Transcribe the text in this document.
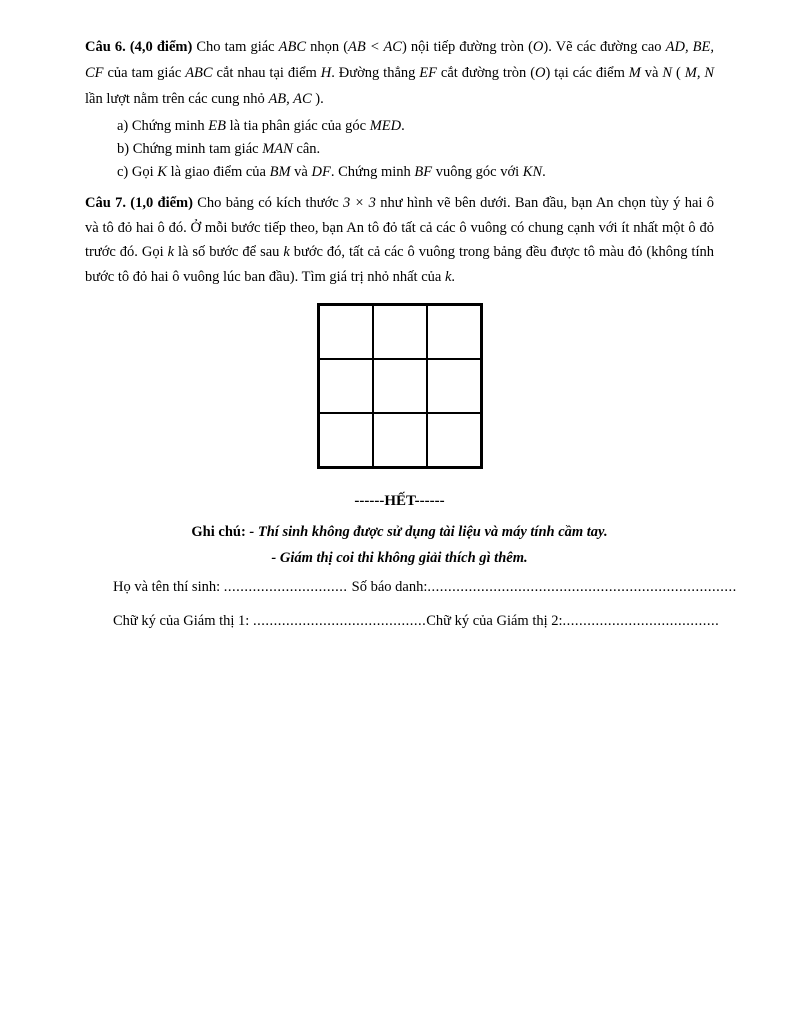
Câu 6. (4,0 điểm) Cho tam giác ABC nhọn (AB < AC) nội tiếp đường tròn (O). Vẽ các đường cao AD, BE, CF của tam giác ABC cắt nhau tại điểm H. Đường thẳng EF cắt đường tròn (O) tại các điểm M và N ( M, N lần lượt nằm trên các cung nhỏ AB, AC ).

a) Chứng minh EB là tia phân giác của góc MED.

b) Chứng minh tam giác MAN cân.

c) Gọi K là giao điểm của BM và DF. Chứng minh BF vuông góc với KN.

Câu 7. (1,0 điểm) Cho bảng có kích thước 3 × 3 như hình vẽ bên dưới. Ban đầu, bạn An chọn tùy ý hai ô và tô đỏ hai ô đó. Ở mỗi bước tiếp theo, bạn An tô đỏ tất cả các ô vuông có chung cạnh với ít nhất một ô đỏ trước đó. Gọi k là số bước để sau k bước đó, tất cả các ô vuông trong bảng đều được tô màu đỏ (không tính bước tô đỏ hai ô vuông lúc ban đầu). Tìm giá trị nhỏ nhất của k.

------HẾT------

Ghi chú: - Thí sinh không được sử dụng tài liệu và máy tính cầm tay.

- Giám thị coi thi không giải thích gì thêm.

Họ và tên thí sinh: .............................. Số báo danh:...........................................................................

Chữ ký của Giám thị 1: ..........................................Chữ ký của Giám thị 2:......................................
